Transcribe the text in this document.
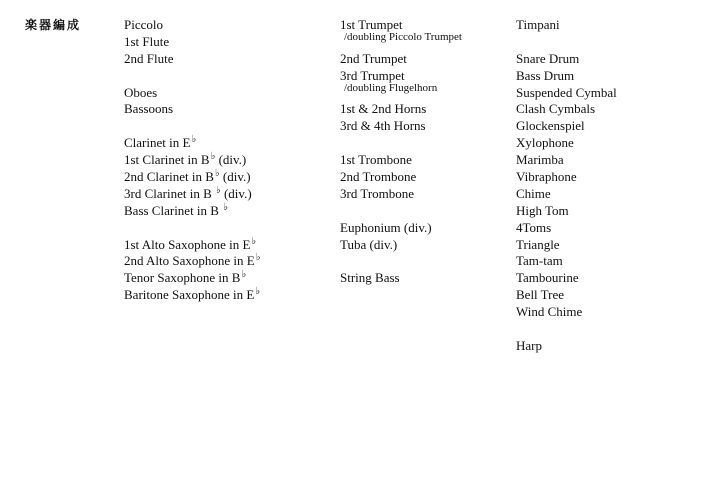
楽器編成	Piccolo
1st Flute
2nd Flute
Oboes
Bassoons
Clarinet in E♭
1st Clarinet in B♭ (div.)
2nd Clarinet in B♭ (div.)
3rd Clarinet in B ♭ (div.)
Bass Clarinet in B ♭
1st Alto Saxophone in E♭
2nd Alto Saxophone in E♭
Tenor Saxophone in B♭
Baritone Saxophone in E♭
1st Trumpet
/doubling Piccolo Trumpet
2nd Trumpet
3rd Trumpet
/doubling Flugelhorn
1st & 2nd Horns
3rd & 4th Horns
1st Trombone
2nd Trombone
3rd Trombone
Euphonium (div.)
Tuba (div.)
String Bass
Timpani
Snare Drum
Bass Drum
Suspended Cymbal
Clash Cymbals
Glockenspiel
Xylophone
Marimba
Vibraphone
Chime
High Tom
4Toms
Triangle
Tam-tam
Tambourine
Bell Tree
Wind Chime
Harp
